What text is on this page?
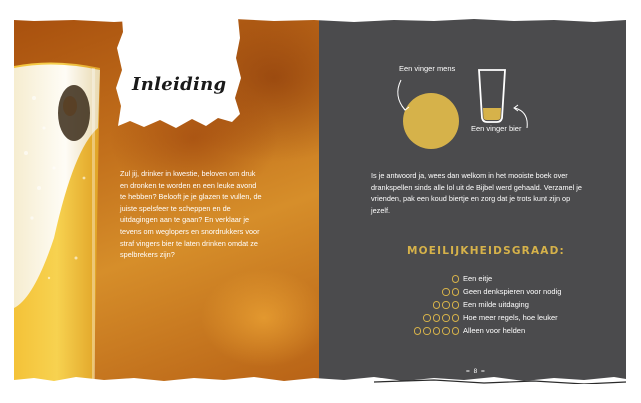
Inleiding
Zul jij, drinker in kwestie, beloven om druk en dronken te worden en een leuke avond te hebben? Belooft je je glazen te vullen, de juiste spelsfeer te scheppen en de uitdagingen aan te gaan? En verklaar je tevens om weglopers en snordrukkers voor straf vingers bier te laten drinken omdat ze spelbrekers zijn?
Een vinger mens
Een vinger bier
Is je antwoord ja, wees dan welkom in het mooiste boek over drankspellen sinds alle lol uit de Bijbel werd gehaald. Verzamel je vrienden, pak een koud biertje en zorg dat je trots kunt zijn op jezelf.
MOEILIJKHEIDSGRAAD:
Een eitje
Geen denkspieren voor nodig
Een milde uitdaging
Hoe meer regels, hoe leuker
Alleen voor helden
= 8 =
